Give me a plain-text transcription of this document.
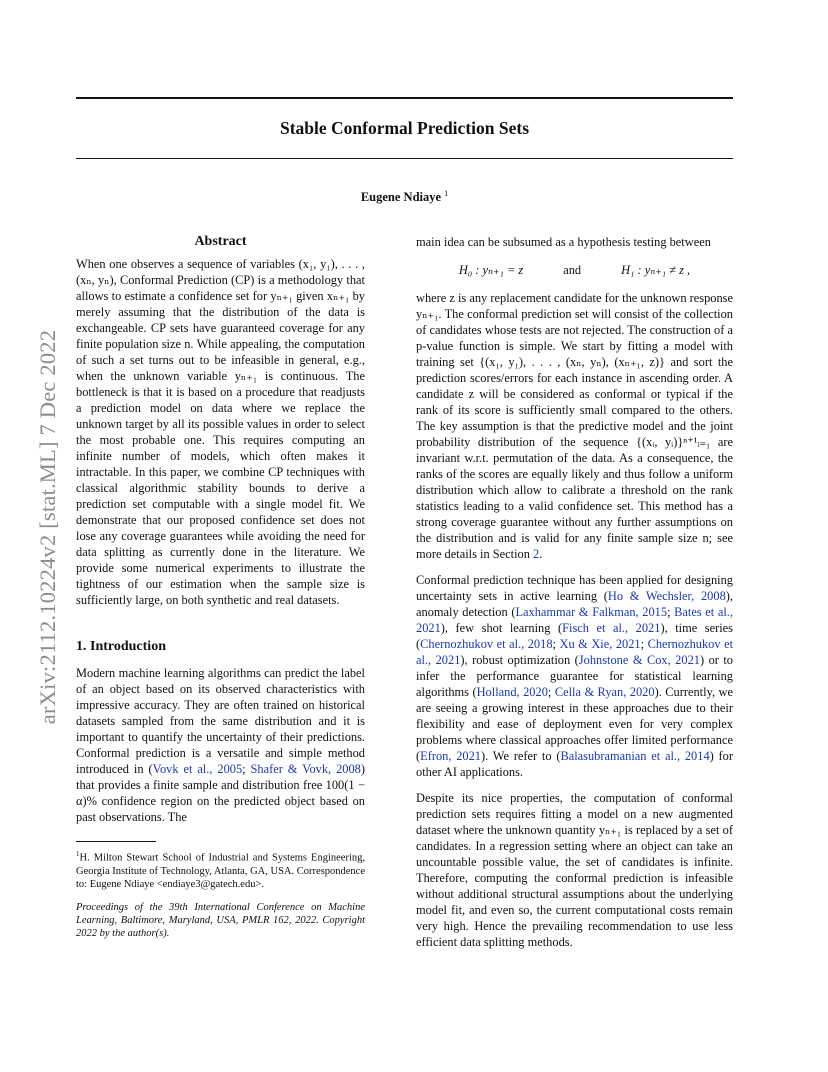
Stable Conformal Prediction Sets
Eugene Ndiaye $^1$
arXiv:2112.10224v2 [stat.ML] 7 Dec 2022
Abstract

When one observes a sequence of variables (x₁, y₁), . . . , (xₙ, yₙ), Conformal Prediction (CP) is a methodology that allows to estimate a confidence set for yₙ₊₁ given xₙ₊₁ by merely assuming that the distribution of the data is exchangeable. CP sets have guaranteed coverage for any finite population size n. While appealing, the computation of such a set turns out to be infeasible in general, e.g., when the unknown variable yₙ₊₁ is continuous. The bottleneck is that it is based on a procedure that readjusts a prediction model on data where we replace the unknown target by all its possible values in order to select the most probable one. This requires computing an infinite number of models, which often makes it intractable. In this paper, we combine CP techniques with classical algorithmic stability bounds to derive a prediction set computable with a single model fit. We demonstrate that our proposed confidence set does not lose any coverage guarantees while avoiding the need for data splitting as currently done in the literature. We provide some numerical experiments to illustrate the tightness of our estimation when the sample size is sufficiently large, on both synthetic and real datasets.

1. Introduction

Modern machine learning algorithms can predict the label of an object based on its observed characteristics with impressive accuracy. They are often trained on historical datasets sampled from the same distribution and it is important to quantify the uncertainty of their predictions. Conformal prediction is a versatile and simple method introduced in (Vovk et al., 2005; Shafer & Vovk, 2008) that provides a finite sample and distribution free 100(1 − α)% confidence region on the predicted object based on past observations. The

$^1$H. Milton Stewart School of Industrial and Systems Engineering, Georgia Institute of Technology, Atlanta, GA, USA. Correspondence to: Eugene Ndiaye <endiaye3@gatech.edu>.

Proceedings of the 39th International Conference on Machine Learning, Baltimore, Maryland, USA, PMLR 162, 2022. Copyright 2022 by the author(s).

main idea can be subsumed as a hypothesis testing between

H₀ : yₙ₊₁ = z	and	H₁ : yₙ₊₁ ≠ z ,

where z is any replacement candidate for the unknown response yₙ₊₁. The conformal prediction set will consist of the collection of candidates whose tests are not rejected. The construction of a p-value function is simple. We start by fitting a model with training set {(x₁, y₁), . . . , (xₙ, yₙ), (xₙ₊₁, z)} and sort the prediction scores/errors for each instance in ascending order. A candidate z will be considered as conformal or typical if the rank of its score is sufficiently small compared to the others. The key assumption is that the predictive model and the joint probability distribution of the sequence {(xᵢ, yᵢ)}ⁿ⁺¹ᵢ₌₁ are invariant w.r.t. permutation of the data. As a consequence, the ranks of the scores are equally likely and thus follow a uniform distribution which allow to calibrate a threshold on the rank statistics leading to a valid confidence set. This method has a strong coverage guarantee without any further assumptions on the distribution and is valid for any finite sample size n; see more details in Section 2.

Conformal prediction technique has been applied for designing uncertainty sets in active learning (Ho & Wechsler, 2008), anomaly detection (Laxhammar & Falkman, 2015; Bates et al., 2021), few shot learning (Fisch et al., 2021), time series (Chernozhukov et al., 2018; Xu & Xie, 2021; Chernozhukov et al., 2021), robust optimization (Johnstone & Cox, 2021) or to infer the performance guarantee for statistical learning algorithms (Holland, 2020; Cella & Ryan, 2020). Currently, we are seeing a growing interest in these approaches due to their flexibility and ease of deployment even for very complex problems where classical approaches offer limited performance (Efron, 2021). We refer to (Balasubramanian et al., 2014) for other AI applications.

Despite its nice properties, the computation of conformal prediction sets requires fitting a model on a new augmented dataset where the unknown quantity yₙ₊₁ is replaced by a set of candidates. In a regression setting where an object can take an uncountable possible value, the set of candidates is infinite. Therefore, computing the conformal prediction is infeasible without additional structural assumptions about the underlying model fit, and even so, the current computational costs remain very high. Hence the prevailing recommendation to use less efficient data splitting methods.
